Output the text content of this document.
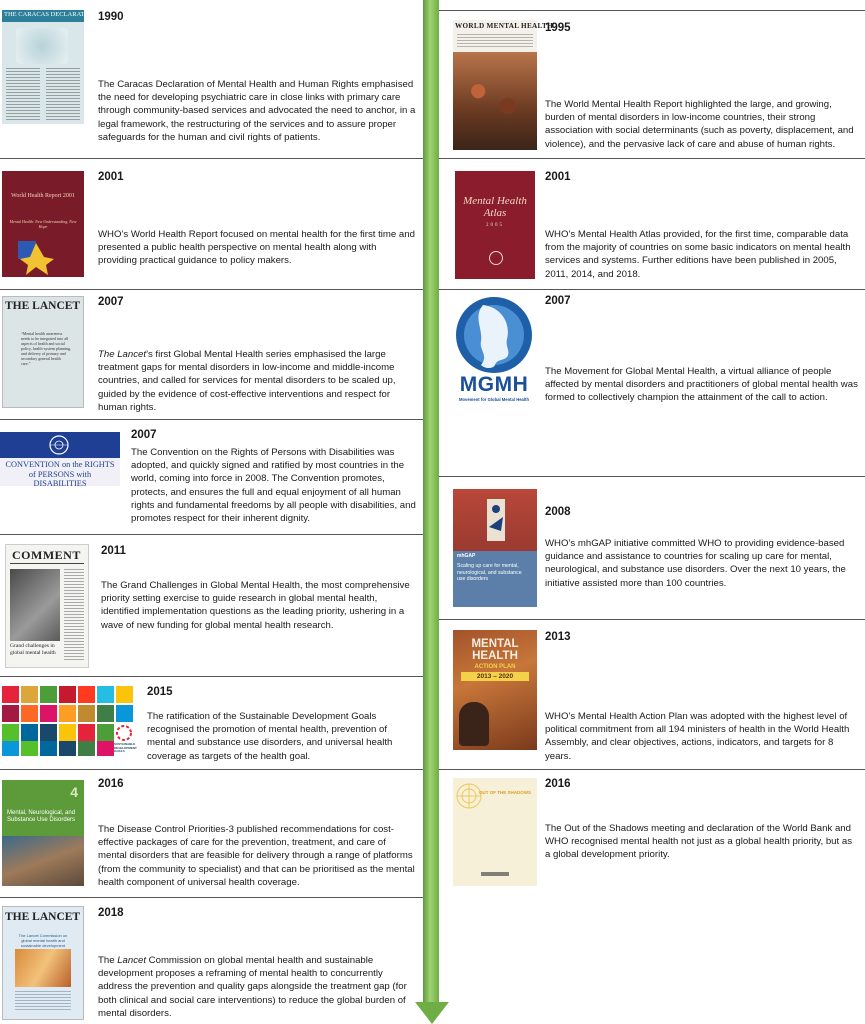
THE CARACAS DECLARATION 1990
The Caracas Declaration of Mental Health and Human Rights emphasised the need for developing psychiatric care in close links with primary care through community-based services and advocated the need to anchor, in a legal framework, the restructuring of the services and to assure proper safeguards for the human and civil rights of patients.
World Health Report 2001
Mental Health: New Understanding, New Hope
2001
WHO’s World Health Report focused on mental health for the first time and presented a public health perspective on mental health along with providing practical guidance to policy makers.
THE LANCET
“Mental health awareness needs to be integrated into all aspects of health and social policy, health-system planning, and delivery of primary and secondary general health care.”
2007
The Lancet’s first Global Mental Health series emphasised the large treatment gaps for mental disorders in low-income and middle-income countries, and called for services for mental disorders to be scaled up, guided by the evidence of cost-effective interventions and respect for human rights.
CONVENTION on the RIGHTS of PERSONS with DISABILITIES
2007
The Convention on the Rights of Persons with Disabilities was adopted, and quickly signed and ratified by most countries in the world, coming into force in 2008. The Convention promotes, protects, and ensures the full and equal enjoyment of all human rights and fundamental freedoms by all people with disabilities, and promotes respect for their inherent dignity.
COMMENT
Grand challenges in global mental health
2011
The Grand Challenges in Global Mental Health, the most comprehensive priority setting exercise to guide research in global mental health, identified implementation questions as the leading priority, ushering in a wave of new funding for global mental health research.
SUSTAINABLE DEVELOPMENT GOALS
2015
The ratification of the Sustainable Development Goals recognised the promotion of mental health, prevention of mental and substance use disorders, and universal health coverage as targets of the health goal.
4
Mental, Neurological, and Substance Use Disorders
2016
The Disease Control Priorities-3 published recommendations for cost-effective packages of care for the prevention, treatment, and care of mental disorders that are feasible for delivery through a range of platforms (from the community to specialist) and that can be prioritised as the mental health component of universal health coverage.
THE LANCET
The Lancet Commission on global mental health and sustainable development
2018
The Lancet Commission on global mental health and sustainable development proposes a reframing of mental health to concurrently address the prevention and quality gaps alongside the treatment gap (for both clinical and social care interventions) to reduce the global burden of mental disorders.
WORLD MENTAL HEALTH
1995
The World Mental Health Report highlighted the large, and growing, burden of mental disorders in low-income countries, their strong association with social determinants (such as poverty, displacement, and violence), and the pervasive lack of care and abuse of human rights.
Mental Health Atlas
2005
2001
WHO’s Mental Health Atlas provided, for the first time, comparable data from the majority of countries on some basic indicators on mental health services and systems. Further editions have been published in 2005, 2011, 2014, and 2018.
MGMH
Movement for Global Mental Health
2007
The Movement for Global Mental Health, a virtual alliance of people affected by mental disorders and practitioners of global mental health was formed to collectively champion the attainment of the call to action.
mhGAP
Scaling up care for mental, neurological, and substance use disorders
2008
WHO’s mhGAP initiative committed WHO to providing evidence-based guidance and assistance to countries for scaling up care for mental, neurological, and substance use disorders. Over the next 10 years, the initiative assisted more than 100 countries.
MENTAL HEALTH
ACTION PLAN
2013 – 2020
2013
WHO’s Mental Health Action Plan was adopted with the highest level of political commitment from all 194 ministers of health in the World Health Assembly, and clear objectives, actions, indicators, and targets for 8 years.
OUT OF THE SHADOWS
2016
The Out of the Shadows meeting and declaration of the World Bank and WHO recognised mental health not just as a global health priority, but as a global development priority.
